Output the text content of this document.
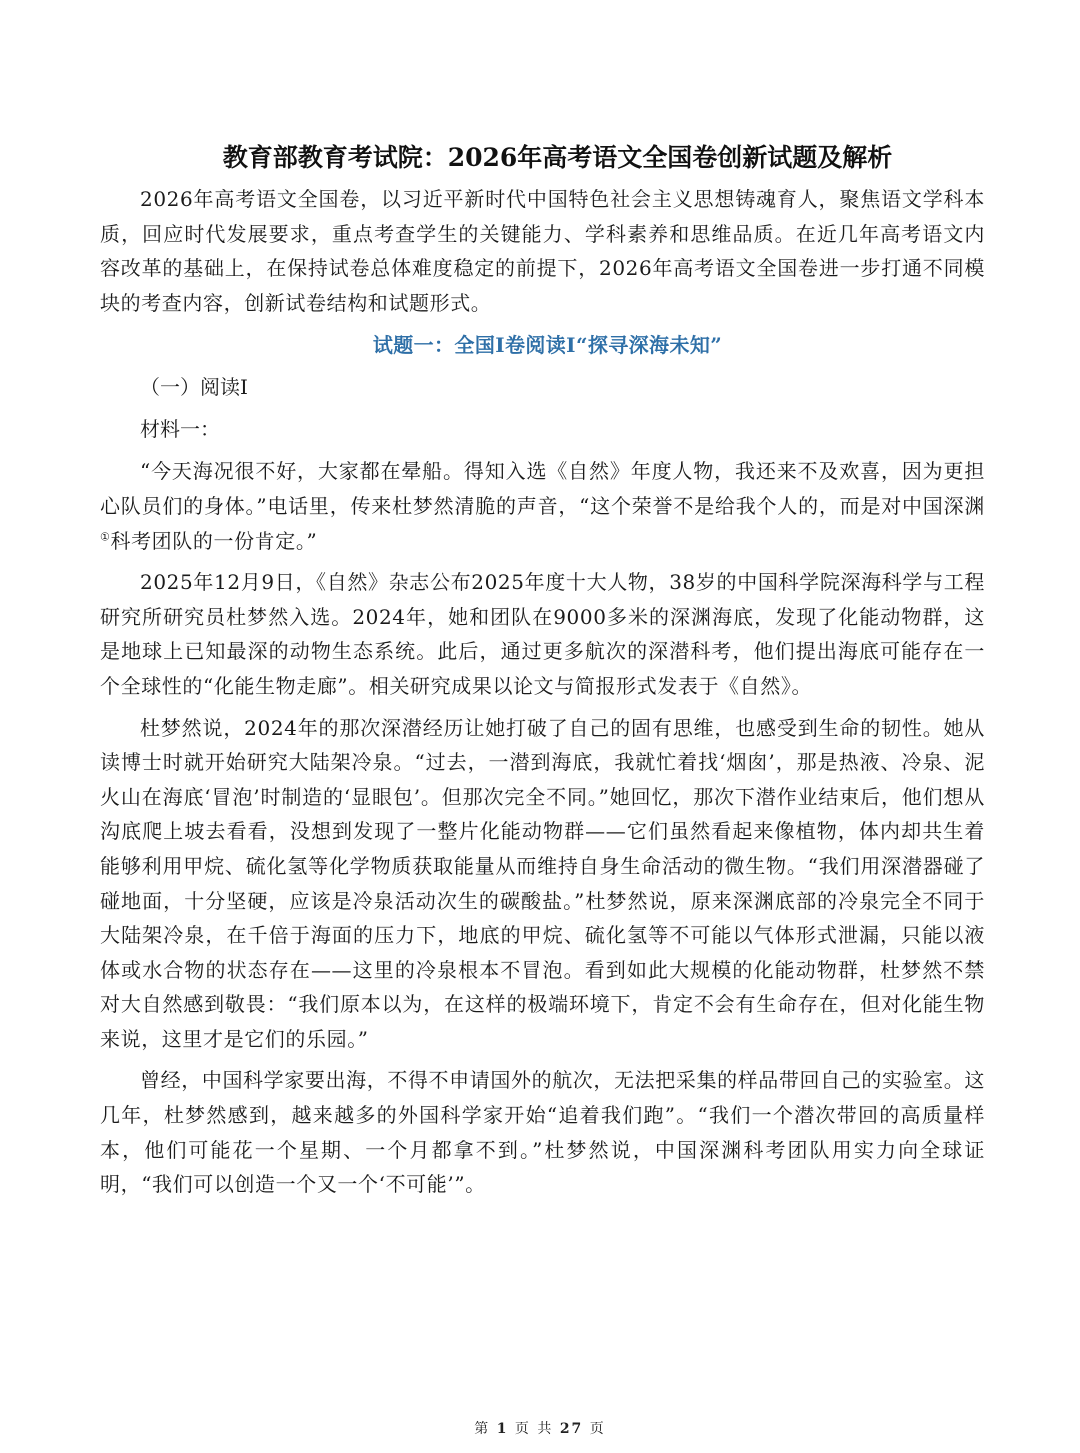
教育部教育考试院：2026年高考语文全国卷创新试题及解析

2026年高考语文全国卷，以习近平新时代中国特色社会主义思想铸魂育人，聚焦语文学科本质，回应时代发展要求，重点考查学生的关键能力、学科素养和思维品质。在近几年高考语文内容改革的基础上，在保持试卷总体难度稳定的前提下，2026年高考语文全国卷进一步打通不同模块的考查内容，创新试卷结构和试题形式。

试题一：全国Ⅰ卷阅读Ⅰ“探寻深海未知”
（一）阅读Ⅰ
材料一：

“今天海况很不好，大家都在晕船。得知入选《自然》年度人物，我还来不及欢喜，因为更担心队员们的身体。”电话里，传来杜梦然清脆的声音，“这个荣誉不是给我个人的，而是对中国深渊①科考团队的一份肯定。”

2025年12月9日，《自然》杂志公布2025年度十大人物，38岁的中国科学院深海科学与工程研究所研究员杜梦然入选。2024年，她和团队在9000多米的深渊海底，发现了化能动物群，这是地球上已知最深的动物生态系统。此后，通过更多航次的深潜科考，他们提出海底可能存在一个全球性的“化能生物走廊”。相关研究成果以论文与简报形式发表于《自然》。

杜梦然说，2024年的那次深潜经历让她打破了自己的固有思维，也感受到生命的韧性。她从读博士时就开始研究大陆架冷泉。“过去，一潜到海底，我就忙着找‘烟囱’，那是热液、冷泉、泥火山在海底‘冒泡’时制造的‘显眼包’。但那次完全不同。”她回忆，那次下潜作业结束后，他们想从沟底爬上坡去看看，没想到发现了一整片化能动物群——它们虽然看起来像植物，体内却共生着能够利用甲烷、硫化氢等化学物质获取能量从而维持自身生命活动的微生物。“我们用深潜器碰了碰地面，十分坚硬，应该是冷泉活动次生的碳酸盐。”杜梦然说，原来深渊底部的冷泉完全不同于大陆架冷泉，在千倍于海面的压力下，地底的甲烷、硫化氢等不可能以气体形式泄漏，只能以液体或水合物的状态存在——这里的冷泉根本不冒泡。看到如此大规模的化能动物群，杜梦然不禁对大自然感到敬畏：“我们原本以为，在这样的极端环境下，肯定不会有生命存在，但对化能生物来说，这里才是它们的乐园。”

曾经，中国科学家要出海，不得不申请国外的航次，无法把采集的样品带回自己的实验室。这几年，杜梦然感到，越来越多的外国科学家开始“追着我们跑”。“我们一个潜次带回的高质量样本，他们可能花一个星期、一个月都拿不到。”杜梦然说，中国深渊科考团队用实力向全球证明，“我们可以创造一个又一个‘不可能’”。

第 1 页 共 27 页
